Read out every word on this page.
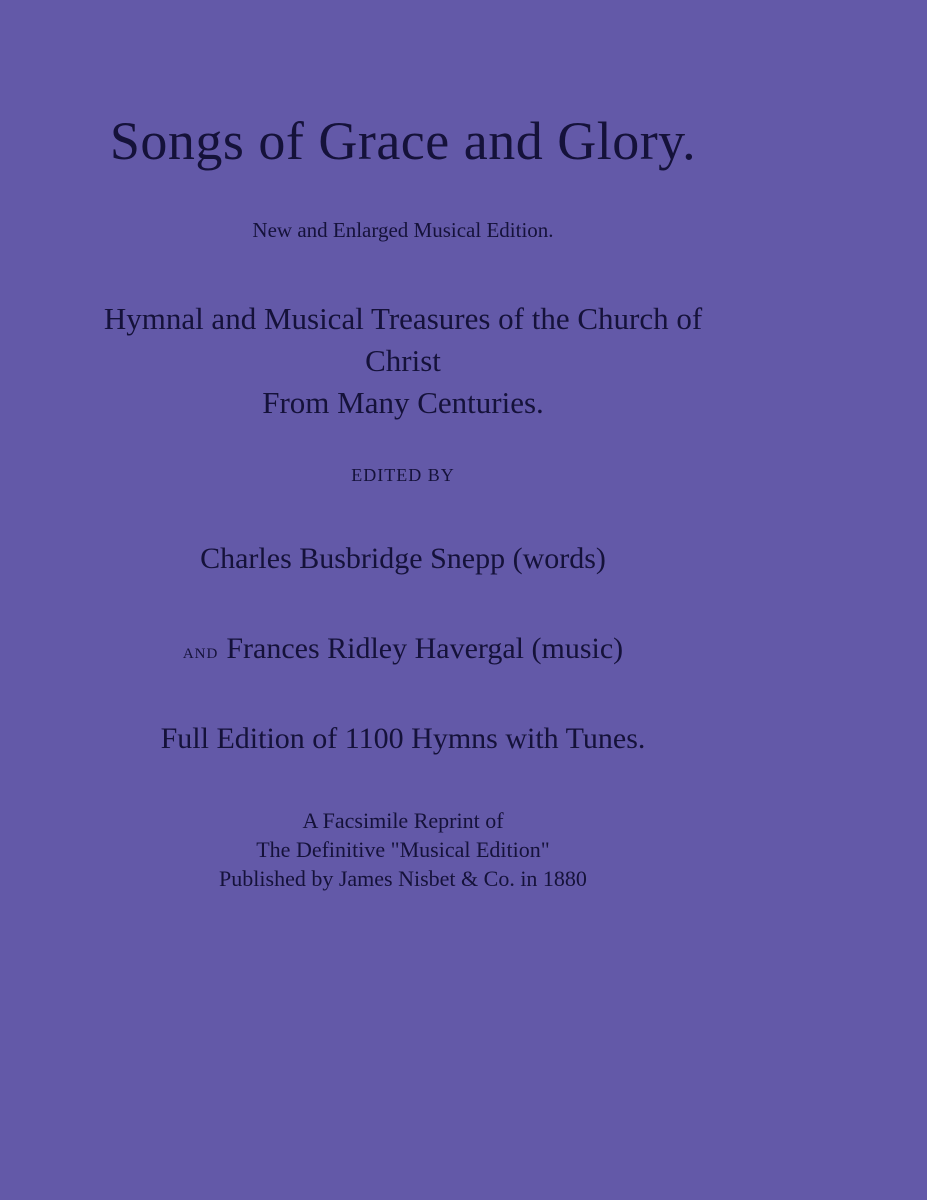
Songs of Grace and Glory.

New and Enlarged Musical Edition.

Hymnal and Musical Treasures of the Church of
Christ
From Many Centuries.

EDITED BY

Charles Busbridge Snepp (words)

AND Frances Ridley Havergal (music)

Full Edition of 1100 Hymns with Tunes.

A Facsimile Reprint of
The Definitive "Musical Edition"
Published by James Nisbet & Co. in 1880
